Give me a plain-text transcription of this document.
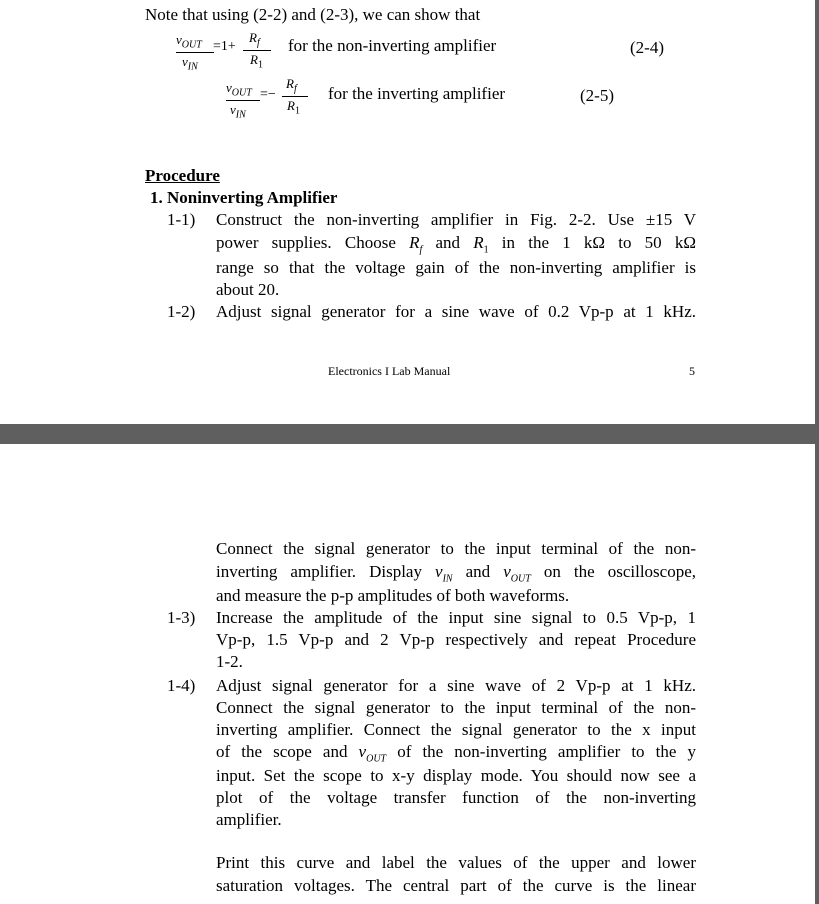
Note that using (2-2) and (2-3), we can show that
$v_{OUT}$
$v_{IN}$
=1+
$R_f$
$R_1$
for the non-inverting amplifier	(2-4)
$v_{OUT}$
$v_{IN}$
=−
$R_f$
$R_1$
for the inverting amplifier	(2-5)
Procedure
1. Noninverting Amplifier
1-1) Construct the non-inverting amplifier in Fig. 2-2. Use ±15 V
power supplies. Choose $R_f$ and $R_1$ in the 1 kΩ to 50 kΩ
range so that the voltage gain of the non-inverting amplifier is
about 20.
1-2) Adjust signal generator for a sine wave of 0.2 Vp-p at 1 kHz.
Electronics I Lab Manual	5
Connect the signal generator to the input terminal of the non-
inverting amplifier. Display $v_{IN}$ and $v_{OUT}$ on the oscilloscope,
and measure the p-p amplitudes of both waveforms.
1-3) Increase the amplitude of the input sine signal to 0.5 Vp-p, 1
Vp-p, 1.5 Vp-p and 2 Vp-p respectively and repeat Procedure
1-2.
1-4) Adjust signal generator for a sine wave of 2 Vp-p at 1 kHz.
Connect the signal generator to the input terminal of the non-
inverting amplifier. Connect the signal generator to the x input
of the scope and $v_{OUT}$ of the non-inverting amplifier to the y
input. Set the scope to x-y display mode. You should now see a
plot of the voltage transfer function of the non-inverting
amplifier.
Print this curve and label the values of the upper and lower
saturation voltages. The central part of the curve is the linear
